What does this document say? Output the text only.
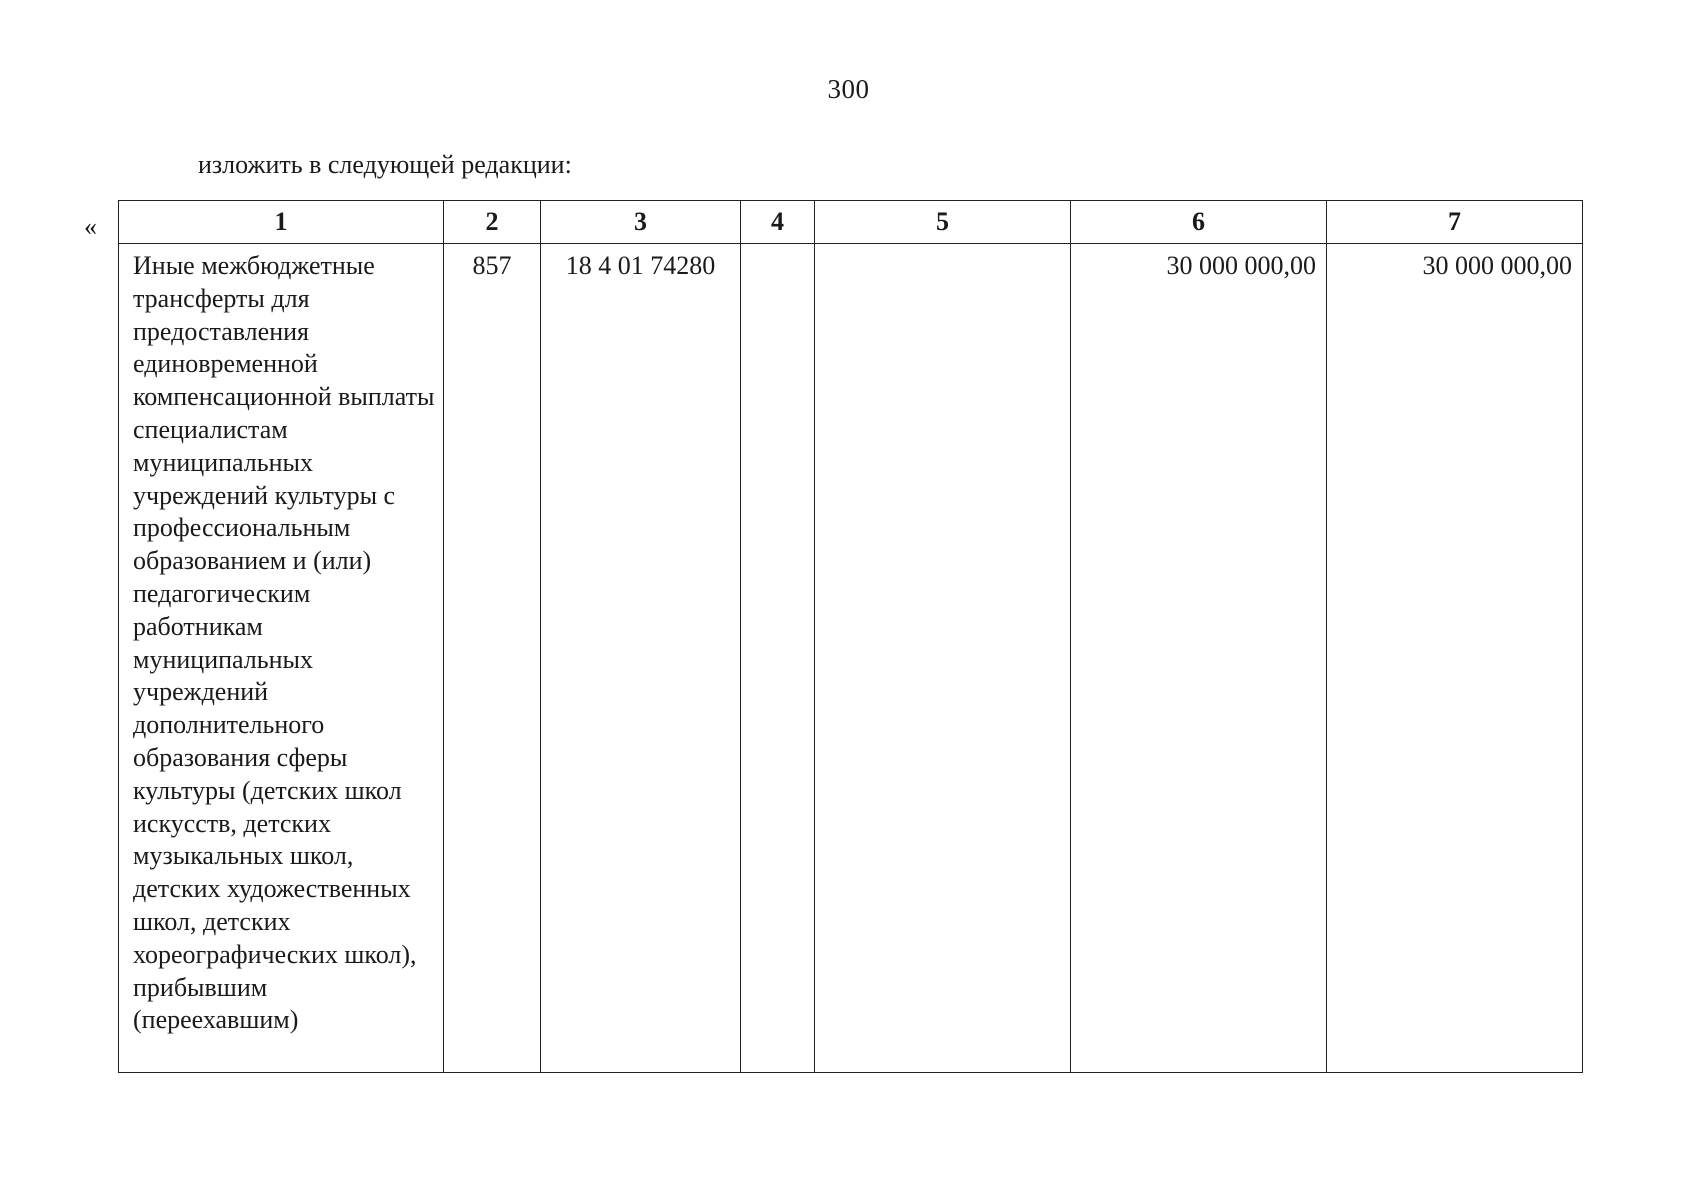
300
изложить в следующей редакции:
«	1	2	3	4	5	6	7
Иные межбюджетные трансферты для предоставления единовременной компенсационной выплаты специалистам муниципальных учреждений культуры с профессиональным образованием и (или) педагогическим работникам муниципальных учреждений дополнительного образования сферы культуры (детских школ искусств, детских музыкальных школ, детских художественных школ, детских хореографических школ), прибывшим (переехавшим)	857	18 4 01 74280			30 000 000,00	30 000 000,00
